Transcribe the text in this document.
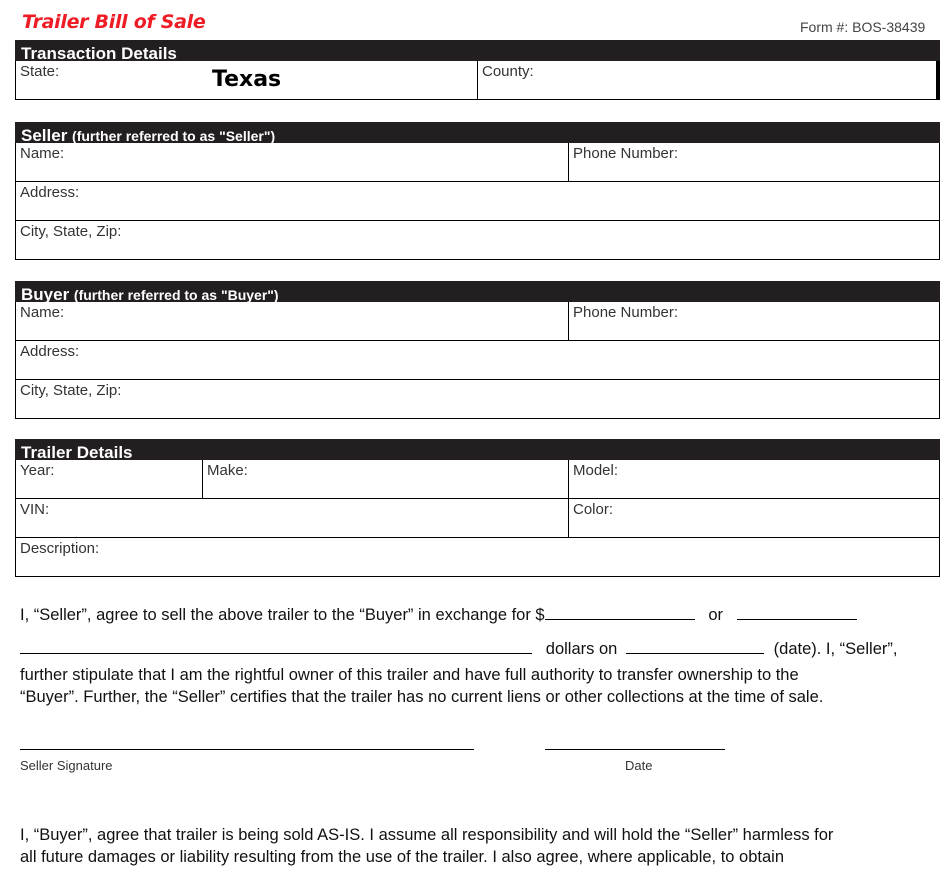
Trailer Bill of Sale	Form #: BOS-38439
Transaction Details
State:	Texas	County:
Seller (further referred to as "Seller")
Name:	Phone Number:
Address:
City, State, Zip:
Buyer (further referred to as "Buyer")
Name:	Phone Number:
Address:
City, State, Zip:
Trailer Details
Year:	Make:	Model:
VIN:	Color:
Description:
I, “Seller”, agree to sell the above trailer to the “Buyer” in exchange for $	or
dollars on	(date). I, “Seller”,
further stipulate that I am the rightful owner of this trailer and have full authority to transfer ownership to the
“Buyer”. Further, the “Seller” certifies that the trailer has no current liens or other collections at the time of sale.
Seller Signature	Date
I, “Buyer”, agree that trailer is being sold AS-IS. I assume all responsibility and will hold the “Seller” harmless for
all future damages or liability resulting from the use of the trailer. I also agree, where applicable, to obtain
